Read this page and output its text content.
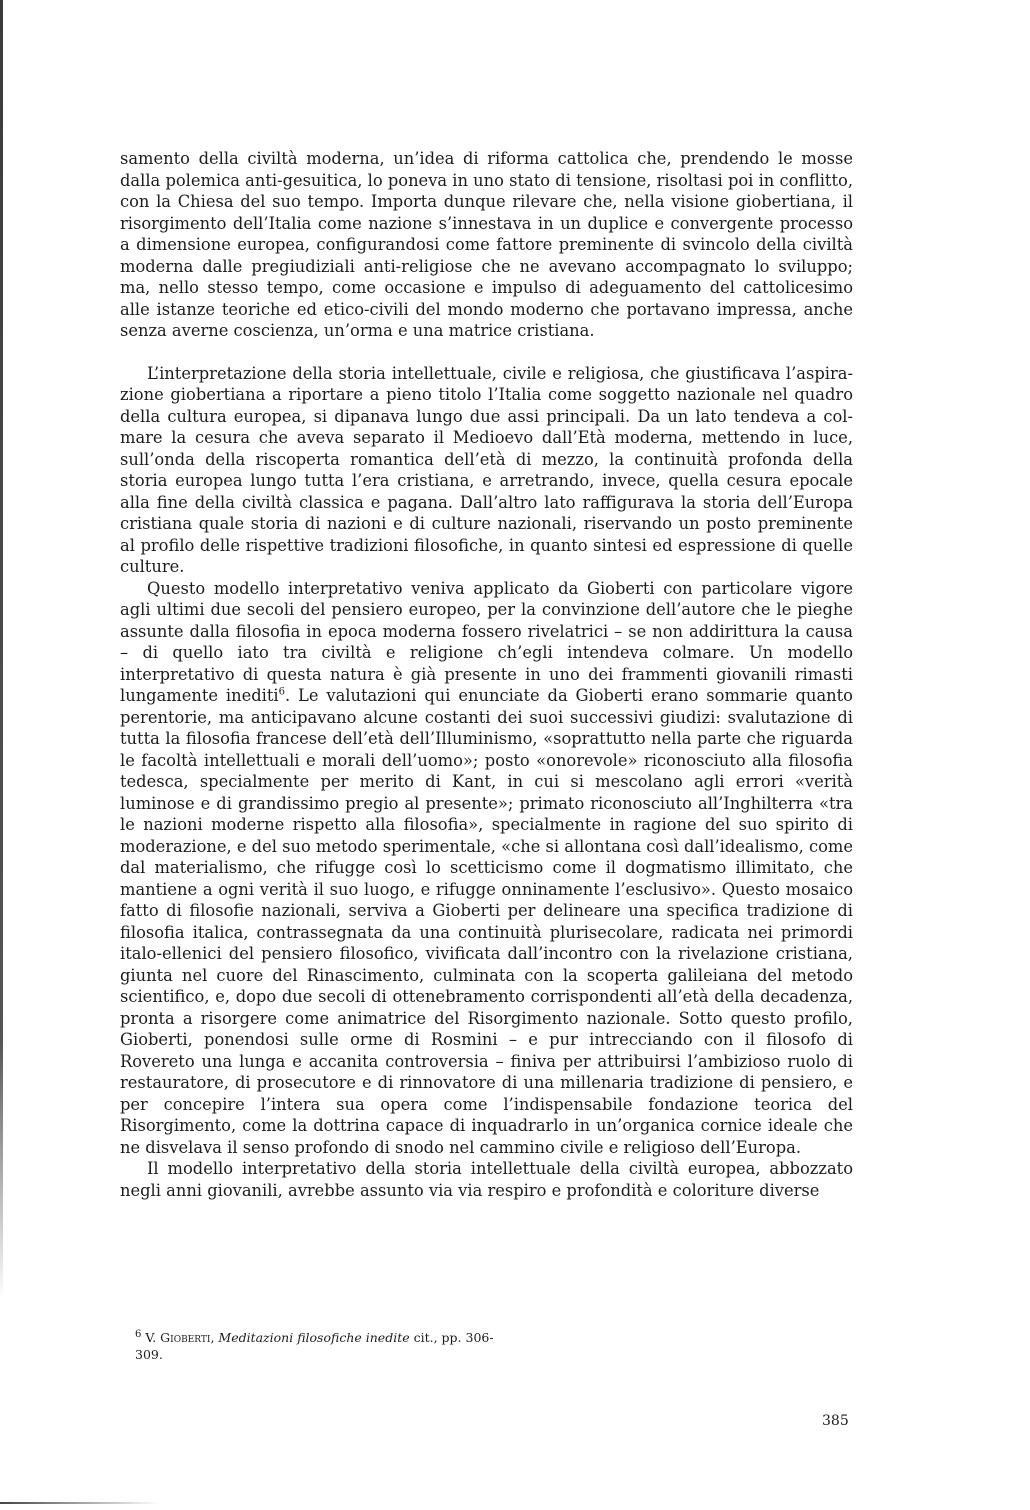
samento della civiltà moderna, un’idea di riforma cattolica che, prendendo le mosse dalla polemica anti-gesuitica, lo poneva in uno stato di tensione, risoltasi poi in conflitto, con la Chiesa del suo tempo. Importa dunque rilevare che, nella visione giobertiana, il risorgimento dell’Italia come nazione s’innestava in un duplice e convergente processo a dimensione europea, configurandosi come fattore preminente di svincolo della civiltà moderna dalle pregiudiziali anti-religiose che ne avevano accompagnato lo sviluppo; ma, nello stesso tempo, come occasione e impulso di adeguamento del cattolicesimo alle istanze teoriche ed etico-civili del mondo moderno che portavano impressa, anche senza averne coscienza, un’orma e una matrice cristiana.

L’interpretazione della storia intellettuale, civile e religiosa, che giustificava l’aspirazione giobertiana a riportare a pieno titolo l’Italia come soggetto nazionale nel quadro della cultura europea, si dipanava lungo due assi principali. Da un lato tendeva a colmare la cesura che aveva separato il Medioevo dall’Età moderna, mettendo in luce, sull’onda della riscoperta romantica dell’età di mezzo, la continuità profonda della storia europea lungo tutta l’era cristiana, e arretrando, invece, quella cesura epocale alla fine della civiltà classica e pagana. Dall’altro lato raffigurava la storia dell’Europa cristiana quale storia di nazioni e di culture nazionali, riservando un posto preminente al profilo delle rispettive tradizioni filosofiche, in quanto sintesi ed espressione di quelle culture.

Questo modello interpretativo veniva applicato da Gioberti con particolare vigore agli ultimi due secoli del pensiero europeo, per la convinzione dell’autore che le pieghe assunte dalla filosofia in epoca moderna fossero rivelatrici – se non addirittura la causa – di quello iato tra civiltà e religione ch’egli intendeva colmare. Un modello interpretativo di questa natura è già presente in uno dei frammenti giovanili rimasti lungamente inediti$^6$. Le valutazioni qui enunciate da Gioberti erano sommarie quanto perentorie, ma anticipavano alcune costanti dei suoi successivi giudizi: svalutazione di tutta la filosofia francese dell’età dell’Illuminismo, «soprattutto nella parte che riguarda le facoltà intellettuali e morali dell’uomo»; posto «onorevole» riconosciuto alla filosofia tedesca, specialmente per merito di Kant, in cui si mescolano agli errori «verità luminose e di grandissimo pregio al presente»; primato riconosciuto all’Inghilterra «tra le nazioni moderne rispetto alla filosofia», specialmente in ragione del suo spirito di moderazione, e del suo metodo sperimentale, «che si allontana così dall’idealismo, come dal materialismo, che rifugge così lo scetticismo come il dogmatismo illimitato, che mantiene a ogni verità il suo luogo, e rifugge onninamente l’esclusivo». Questo mosaico fatto di filosofie nazionali, serviva a Gioberti per delineare una specifica tradizione di filosofia italica, contrassegnata da una continuità plurisecolare, radicata nei primordi italo-ellenici del pensiero filosofico, vivificata dall’incontro con la rivelazione cristiana, giunta nel cuore del Rinascimento, culminata con la scoperta galileiana del metodo scientifico, e, dopo due secoli di ottenebramento corrispondenti all’età della decadenza, pronta a risorgere come animatrice del Risorgimento nazionale. Sotto questo profilo, Gioberti, ponendosi sulle orme di Rosmini – e pur intrecciando con il filosofo di Rovereto una lunga e accanita controversia – finiva per attribuirsi l’ambizioso ruolo di restauratore, di prosecutore e di rinnovatore di una millenaria tradizione di pensiero, e per concepire l’intera sua opera come l’indispensabile fondazione teorica del Risorgimento, come la dottrina capace di inquadrarlo in un’organica cornice ideale che ne disvelava il senso profondo di snodo nel cammino civile e religioso dell’Europa.

Il modello interpretativo della storia intellettuale della civiltà europea, abbozzato negli anni giovanili, avrebbe assunto via via respiro e profondità e coloriture diverse

$^6$ V. Gioberti, Meditazioni filosofiche inedite cit., pp. 306-309.
385
